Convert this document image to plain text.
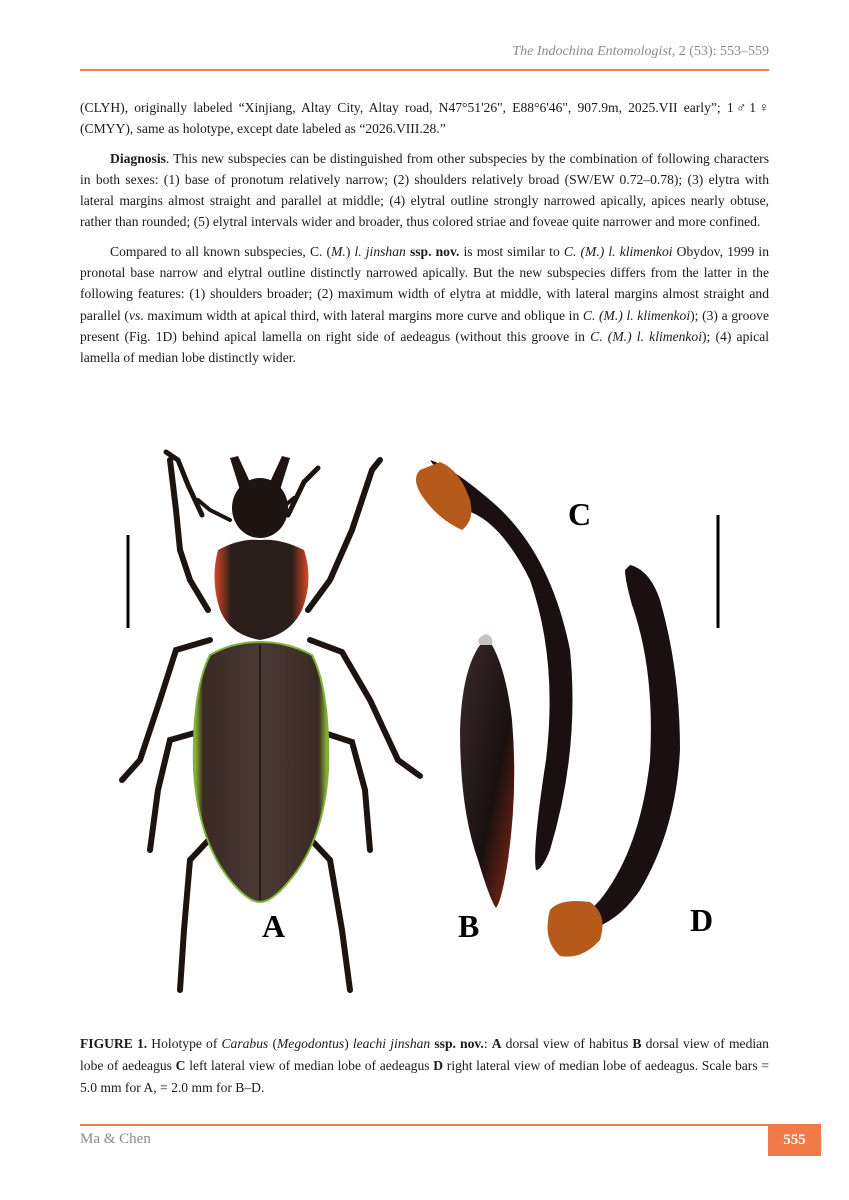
The Indochina Entomologist, 2 (53): 553–559

(CLYH), originally labeled “Xinjiang, Altay City, Altay road, N47°51'26", E88°6'46", 907.9m, 2025.VII early”; 1♂1♀ (CMYY), same as holotype, except date labeled as “2026.VIII.28.”

Diagnosis. This new subspecies can be distinguished from other subspecies by the combination of following characters in both sexes: (1) base of pronotum relatively narrow; (2) shoulders relatively broad (SW/EW 0.72–0.78); (3) elytra with lateral margins almost straight and parallel at middle; (4) elytral outline strongly narrowed apically, apices nearly obtuse, rather than rounded; (5) elytral intervals wider and broader, thus colored striae and foveae quite narrower and more confined.

Compared to all known subspecies, C. (M.) l. jinshan ssp. nov. is most similar to C. (M.) l. klimenkoi Obydov, 1999 in pronotal base narrow and elytral outline distinctly narrowed apically. But the new subspecies differs from the latter in the following features: (1) shoulders broader; (2) maximum width of elytra at middle, with lateral margins almost straight and parallel (vs. maximum width at apical third, with lateral margins more curve and oblique in C. (M.) l. klimenkoi); (3) a groove present (Fig. 1D) behind apical lamella on right side of aedeagus (without this groove in C. (M.) l. klimenkoi); (4) apical lamella of median lobe distinctly wider.

A	B
C
D

FIGURE 1. Holotype of Carabus (Megodontus) leachi jinshan ssp. nov.: A dorsal view of habitus B dorsal view of median lobe of aedeagus C left lateral view of median lobe of aedeagus D right lateral view of median lobe of aedeagus. Scale bars = 5.0 mm for A, = 2.0 mm for B–D.

Ma & Chen	555
